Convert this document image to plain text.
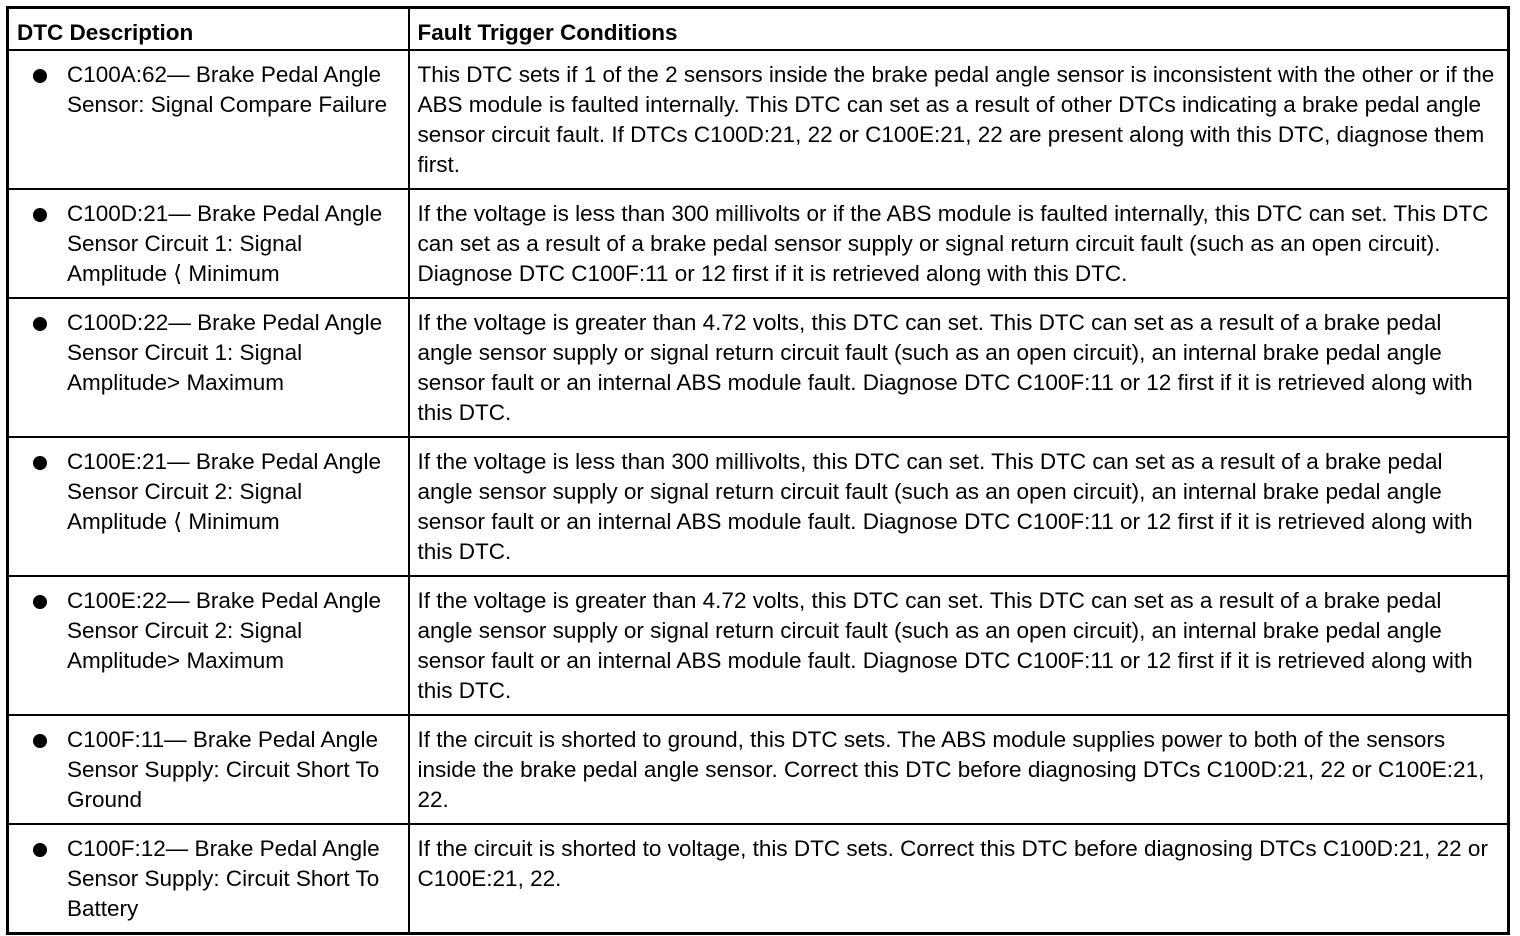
DTC Description	Fault Trigger Conditions

C100A:62— Brake Pedal Angle Sensor: Signal Compare Failure	This DTC sets if 1 of the 2 sensors inside the brake pedal angle sensor is inconsistent with the other or if the ABS module is faulted internally. This DTC can set as a result of other DTCs indicating a brake pedal angle sensor circuit fault. If DTCs C100D:21, 22 or C100E:21, 22 are present along with this DTC, diagnose them first.

C100D:21— Brake Pedal Angle Sensor Circuit 1: Signal Amplitude ⟨ Minimum	If the voltage is less than 300 millivolts or if the ABS module is faulted internally, this DTC can set. This DTC can set as a result of a brake pedal sensor supply or signal return circuit fault (such as an open circuit). Diagnose DTC C100F:11 or 12 first if it is retrieved along with this DTC.

C100D:22— Brake Pedal Angle Sensor Circuit 1: Signal Amplitude> Maximum	If the voltage is greater than 4.72 volts, this DTC can set. This DTC can set as a result of a brake pedal angle sensor supply or signal return circuit fault (such as an open circuit), an internal brake pedal angle sensor fault or an internal ABS module fault. Diagnose DTC C100F:11 or 12 first if it is retrieved along with this DTC.

C100E:21— Brake Pedal Angle Sensor Circuit 2: Signal Amplitude ⟨ Minimum	If the voltage is less than 300 millivolts, this DTC can set. This DTC can set as a result of a brake pedal angle sensor supply or signal return circuit fault (such as an open circuit), an internal brake pedal angle sensor fault or an internal ABS module fault. Diagnose DTC C100F:11 or 12 first if it is retrieved along with this DTC.

C100E:22— Brake Pedal Angle Sensor Circuit 2: Signal Amplitude> Maximum	If the voltage is greater than 4.72 volts, this DTC can set. This DTC can set as a result of a brake pedal angle sensor supply or signal return circuit fault (such as an open circuit), an internal brake pedal angle sensor fault or an internal ABS module fault. Diagnose DTC C100F:11 or 12 first if it is retrieved along with this DTC.

C100F:11— Brake Pedal Angle Sensor Supply: Circuit Short To Ground	If the circuit is shorted to ground, this DTC sets. The ABS module supplies power to both of the sensors inside the brake pedal angle sensor. Correct this DTC before diagnosing DTCs C100D:21, 22 or C100E:21, 22.

C100F:12— Brake Pedal Angle Sensor Supply: Circuit Short To Battery	If the circuit is shorted to voltage, this DTC sets. Correct this DTC before diagnosing DTCs C100D:21, 22 or C100E:21, 22.
